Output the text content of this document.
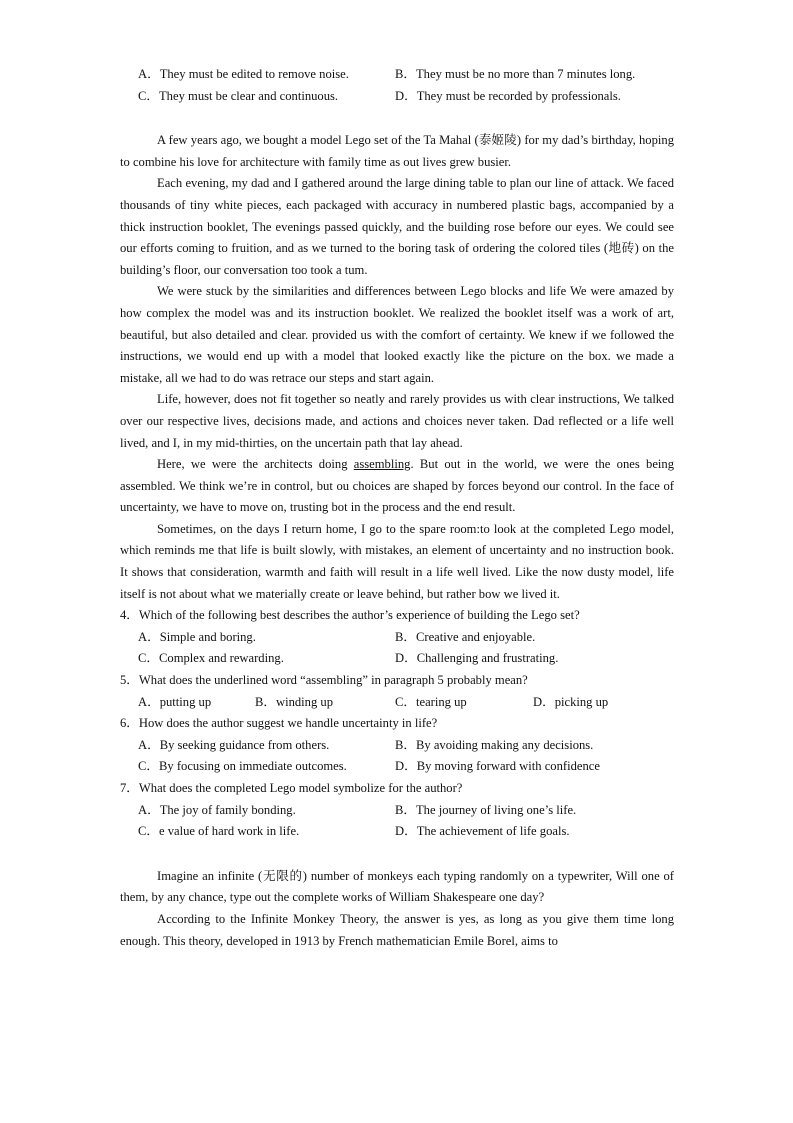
A．They must be edited to remove noise.	B．They must be no more than 7 minutes long.
C．They must be clear and continuous.	D．They must be recorded by professionals.

A few years ago, we bought a model Lego set of the Ta Mahal (泰姬陵) for my dad’s birthday, hoping to combine his love for architecture with family time as out lives grew busier.

Each evening, my dad and I gathered around the large dining table to plan our line of attack. We faced thousands of tiny white pieces, each packaged with accuracy in numbered plastic bags, accompanied by a thick instruction booklet, The evenings passed quickly, and the building rose before our eyes. We could see our efforts coming to fruition, and as we turned to the boring task of ordering the colored tiles (地砖) on the building’s floor, our conversation too took a tum.

We were stuck by the similarities and differences between Lego blocks and life We were amazed by how complex the model was and its instruction booklet. We realized the booklet itself was a work of art, beautiful, but also detailed and clear. provided us with the comfort of certainty. We knew if we followed the instructions, we would end up with a model that looked exactly like the picture on the box. we made a mistake, all we had to do was retrace our steps and start again.

Life, however, does not fit together so neatly and rarely provides us with clear instructions, We talked over our respective lives, decisions made, and actions and choices never taken. Dad reflected or a life well lived, and I, in my mid-thirties, on the uncertain path that lay ahead.

Here, we were the architects doing assembling. But out in the world, we were the ones being assembled. We think we’re in control, but ou choices are shaped by forces beyond our control. In the face of uncertainty, we have to move on, trusting bot in the process and the end result.

Sometimes, on the days I return home, I go to the spare room:to look at the completed Lego model, which reminds me that life is built slowly, with mistakes, an element of uncertainty and no instruction book. It shows that consideration, warmth and faith will result in a life well lived. Like the now dusty model, life itself is not about what we materially create or leave behind, but rather bow we lived it.

4．Which of the following best describes the author’s experience of building the Lego set?

A．Simple and boring.	B．Creative and enjoyable.
C．Complex and rewarding.	D．Challenging and frustrating.

5．What does the underlined word “assembling” in paragraph 5 probably mean?

A．putting up	B．winding up	C．tearing up	D．picking up

6．How does the author suggest we handle uncertainty in life?

A．By seeking guidance from others.	B．By avoiding making any decisions.
C．By focusing on immediate outcomes.	D．By moving forward with confidence

7．What does the completed Lego model symbolize for the author?

A．The joy of family bonding.	B．The journey of living one’s life.
C．e value of hard work in life.	D．The achievement of life goals.

Imagine an infinite (无限的) number of monkeys each typing randomly on a typewriter, Will one of them, by any chance, type out the complete works of William Shakespeare one day?

According to the Infinite Monkey Theory, the answer is yes, as long as you give them time long enough. This theory, developed in 1913 by French mathematician Emile Borel, aims to
